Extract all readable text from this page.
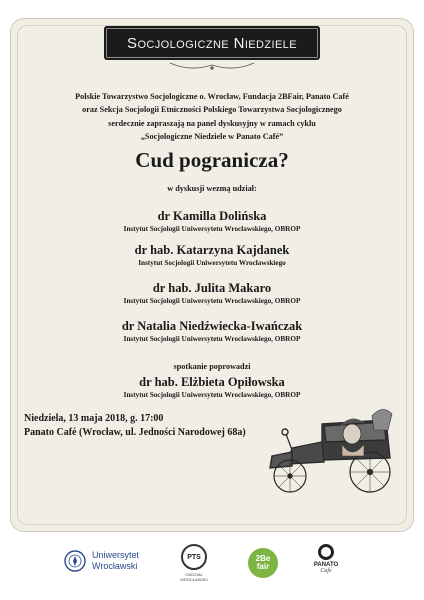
Socjologiczne Niedziele
Polskie Towarzystwo Socjologiczne o. Wrocław, Fundacja 2BFair, Panato Café
oraz Sekcja Socjologii Etniczności Polskiego Towarzystwa Socjologicznego
serdecznie zapraszają na panel dyskusyjny w ramach cyklu
„Socjologiczne Niedziele w Panato Café”
Cud pogranicza?
w dyskusji wezmą udział:
dr Kamilla Dolińska
Instytut Socjologii Uniwersytetu Wrocławskiego, OBROP
dr hab. Katarzyna Kajdanek
Instytut Socjologii Uniwersytetu Wrocławskiego
dr hab. Julita Makaro
Instytut Socjologii Uniwersytetu Wrocławskiego, OBROP
dr Natalia Niedźwiecka-Iwańczak
Instytut Socjologii Uniwersytetu Wrocławskiego, OBROP
spotkanie poprowadzi
dr hab. Elżbieta Opiłowska
Instytut Socjologii Uniwersytetu Wrocławskiego, OBROP
Niedziela, 13 maja 2018, g. 17:00
Panato Café (Wrocław, ul. Jedności Narodowej 68a)
Uniwersytet
Wrocławski
PTS
ODDZIAŁ WROCŁAWSKI
2Be
fair	PANATO
Café
